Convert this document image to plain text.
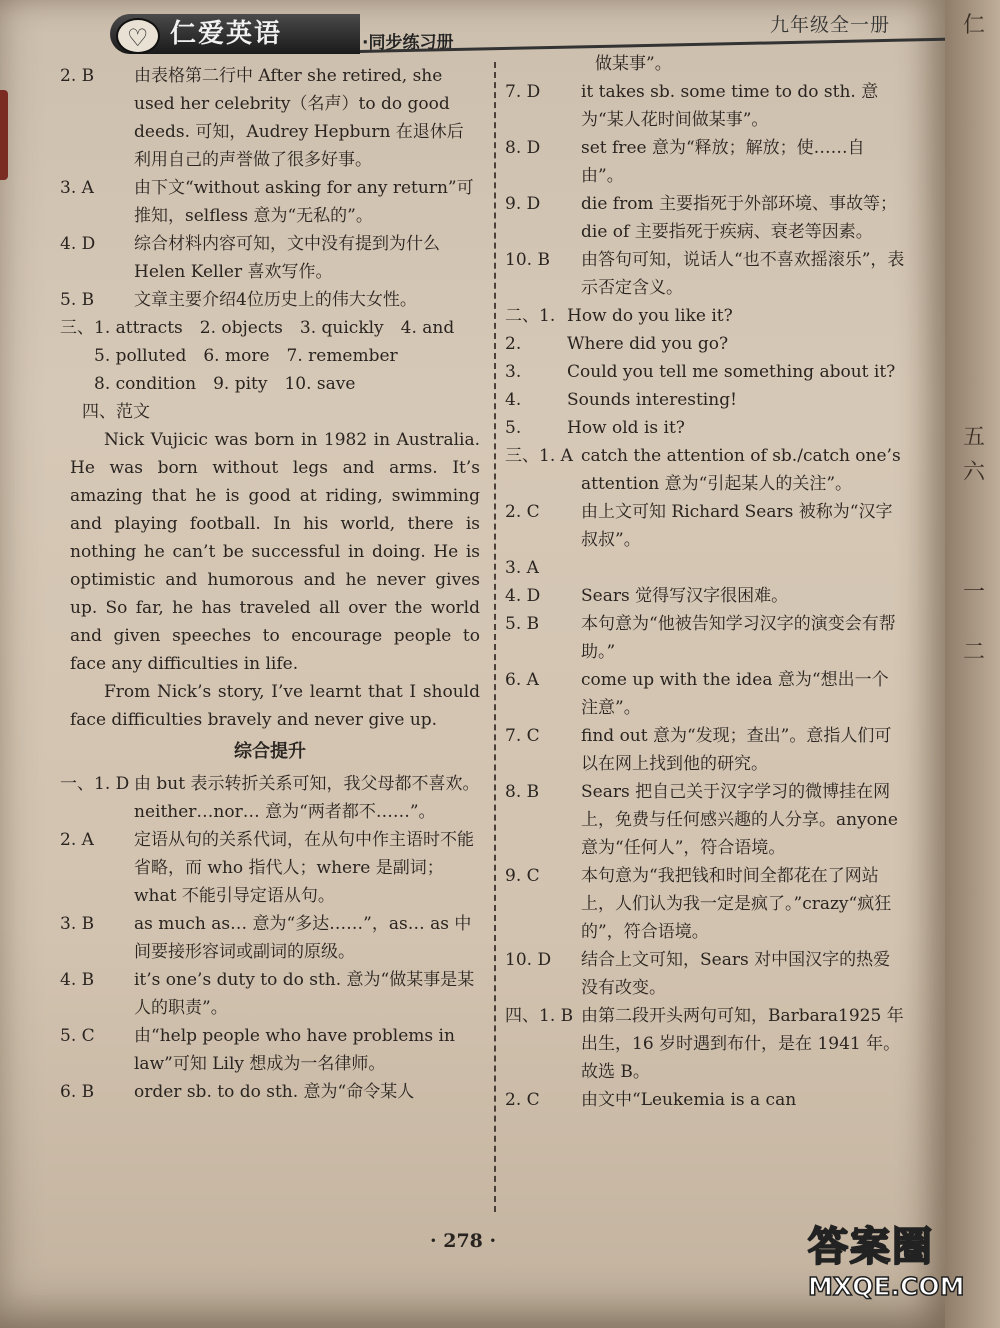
♡
仁爱英语	·同步练习册
九年级全一册
2. B	由表格第二行中 After she retired, she used her celebrity（名声）to do good deeds. 可知，Audrey Hepburn 在退休后利用自己的声誉做了很多好事。
3. A	由下文“without asking for any return”可推知，selfless 意为“无私的”。
4. D	综合材料内容可知，文中没有提到为什么 Helen Keller 喜欢写作。
5. B	文章主要介绍4位历史上的伟大女性。
三、 1. attracts　2. objects　3. quickly　4. and
5. polluted　6. more　7. remember
8. condition　9. pity　10. save
四、范文

Nick Vujicic was born in 1982 in Australia. He was born without legs and arms. It’s amazing that he is good at riding, swimming and playing football. In his world, there is nothing he can’t be successful in doing. He is optimistic and humorous and he never gives up. So far, he has traveled all over the world and given speeches to encourage people to face any difficulties in life.

From Nick’s story, I’ve learnt that I should face difficulties bravely and never give up.

综合提升
一、1. D 由 but 表示转折关系可知，我父母都不喜欢。neither…nor… 意为“两者都不……”。
2. A	定语从句的关系代词，在从句中作主语时不能省略，而 who 指代人；where 是副词；what 不能引导定语从句。
3. B	as much as… 意为“多达……”，as… as 中间要接形容词或副词的原级。
4. B	it’s one’s duty to do sth. 意为“做某事是某人的职责”。
5. C	由“help people who have problems in law”可知 Lily 想成为一名律师。
6. B	order sb. to do sth. 意为“命令某人
做某事”。
7. D	it takes sb. some time to do sth. 意为“某人花时间做某事”。
8. D	set free 意为“释放；解放；使……自由”。
9. D	die from 主要指死于外部环境、事故等；die of 主要指死于疾病、衰老等因素。
10. B	由答句可知，说话人“也不喜欢摇滚乐”，表示否定含义。
二、1. How do you like it?
2.	Where did you go?
3.	Could you tell me something about it?
4.	Sounds interesting!
5.	How old is it?
三、1. A catch the attention of sb./catch one’s attention 意为“引起某人的关注”。
2. C	由上文可知 Richard Sears 被称为“汉字叔叔”。
3. A
4. D	Sears 觉得写汉字很困难。
5. B	本句意为“他被告知学习汉字的演变会有帮助。”
6. A	come up with the idea 意为“想出一个注意”。
7. C	find out 意为“发现；查出”。意指人们可以在网上找到他的研究。
8. B	Sears 把自己关于汉字学习的微博挂在网上，免费与任何感兴趣的人分享。anyone 意为“任何人”，符合语境。
9. C	本句意为“我把钱和时间全都花在了网站上，人们认为我一定是疯了。”crazy“疯狂的”，符合语境。
10. D	结合上文可知，Sears 对中国汉字的热爱没有改变。
四、1. B 由第二段开头两句可知，Barbara1925 年出生，16 岁时遇到布什，是在 1941 年。故选 B。
2. C	由文中“Leukemia is a can
· 278 ·
仁
五
六
一
二
答案圈
MXQE.COM
